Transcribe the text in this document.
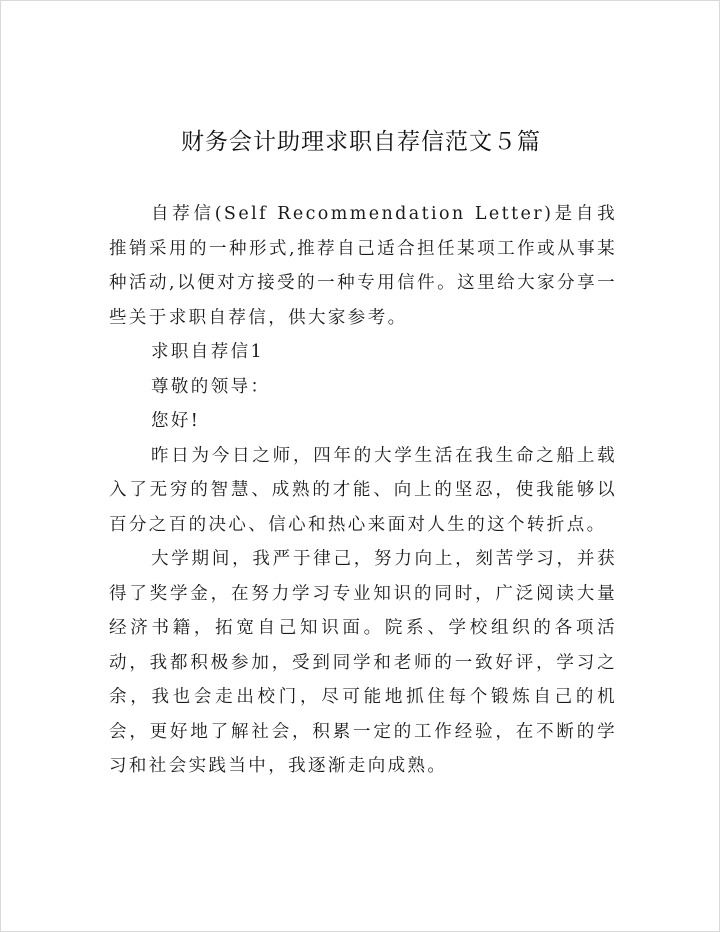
财务会计助理求职自荐信范文５篇

自荐信(Self Recommendation Letter)是自我推销采用的一种形式,推荐自己适合担任某项工作或从事某种活动,以便对方接受的一种专用信件。这里给大家分享一些关于求职自荐信，供大家参考。

求职自荐信1

尊敬的领导：

您好!

昨日为今日之师，四年的大学生活在我生命之船上载入了无穷的智慧、成熟的才能、向上的坚忍，使我能够以百分之百的决心、信心和热心来面对人生的这个转折点。

大学期间，我严于律己，努力向上，刻苦学习，并获得了奖学金，在努力学习专业知识的同时，广泛阅读大量经济书籍，拓宽自己知识面。院系、学校组织的各项活动，我都积极参加，受到同学和老师的一致好评，学习之余，我也会走出校门，尽可能地抓住每个锻炼自己的机会，更好地了解社会，积累一定的工作经验，在不断的学习和社会实践当中，我逐渐走向成熟。
